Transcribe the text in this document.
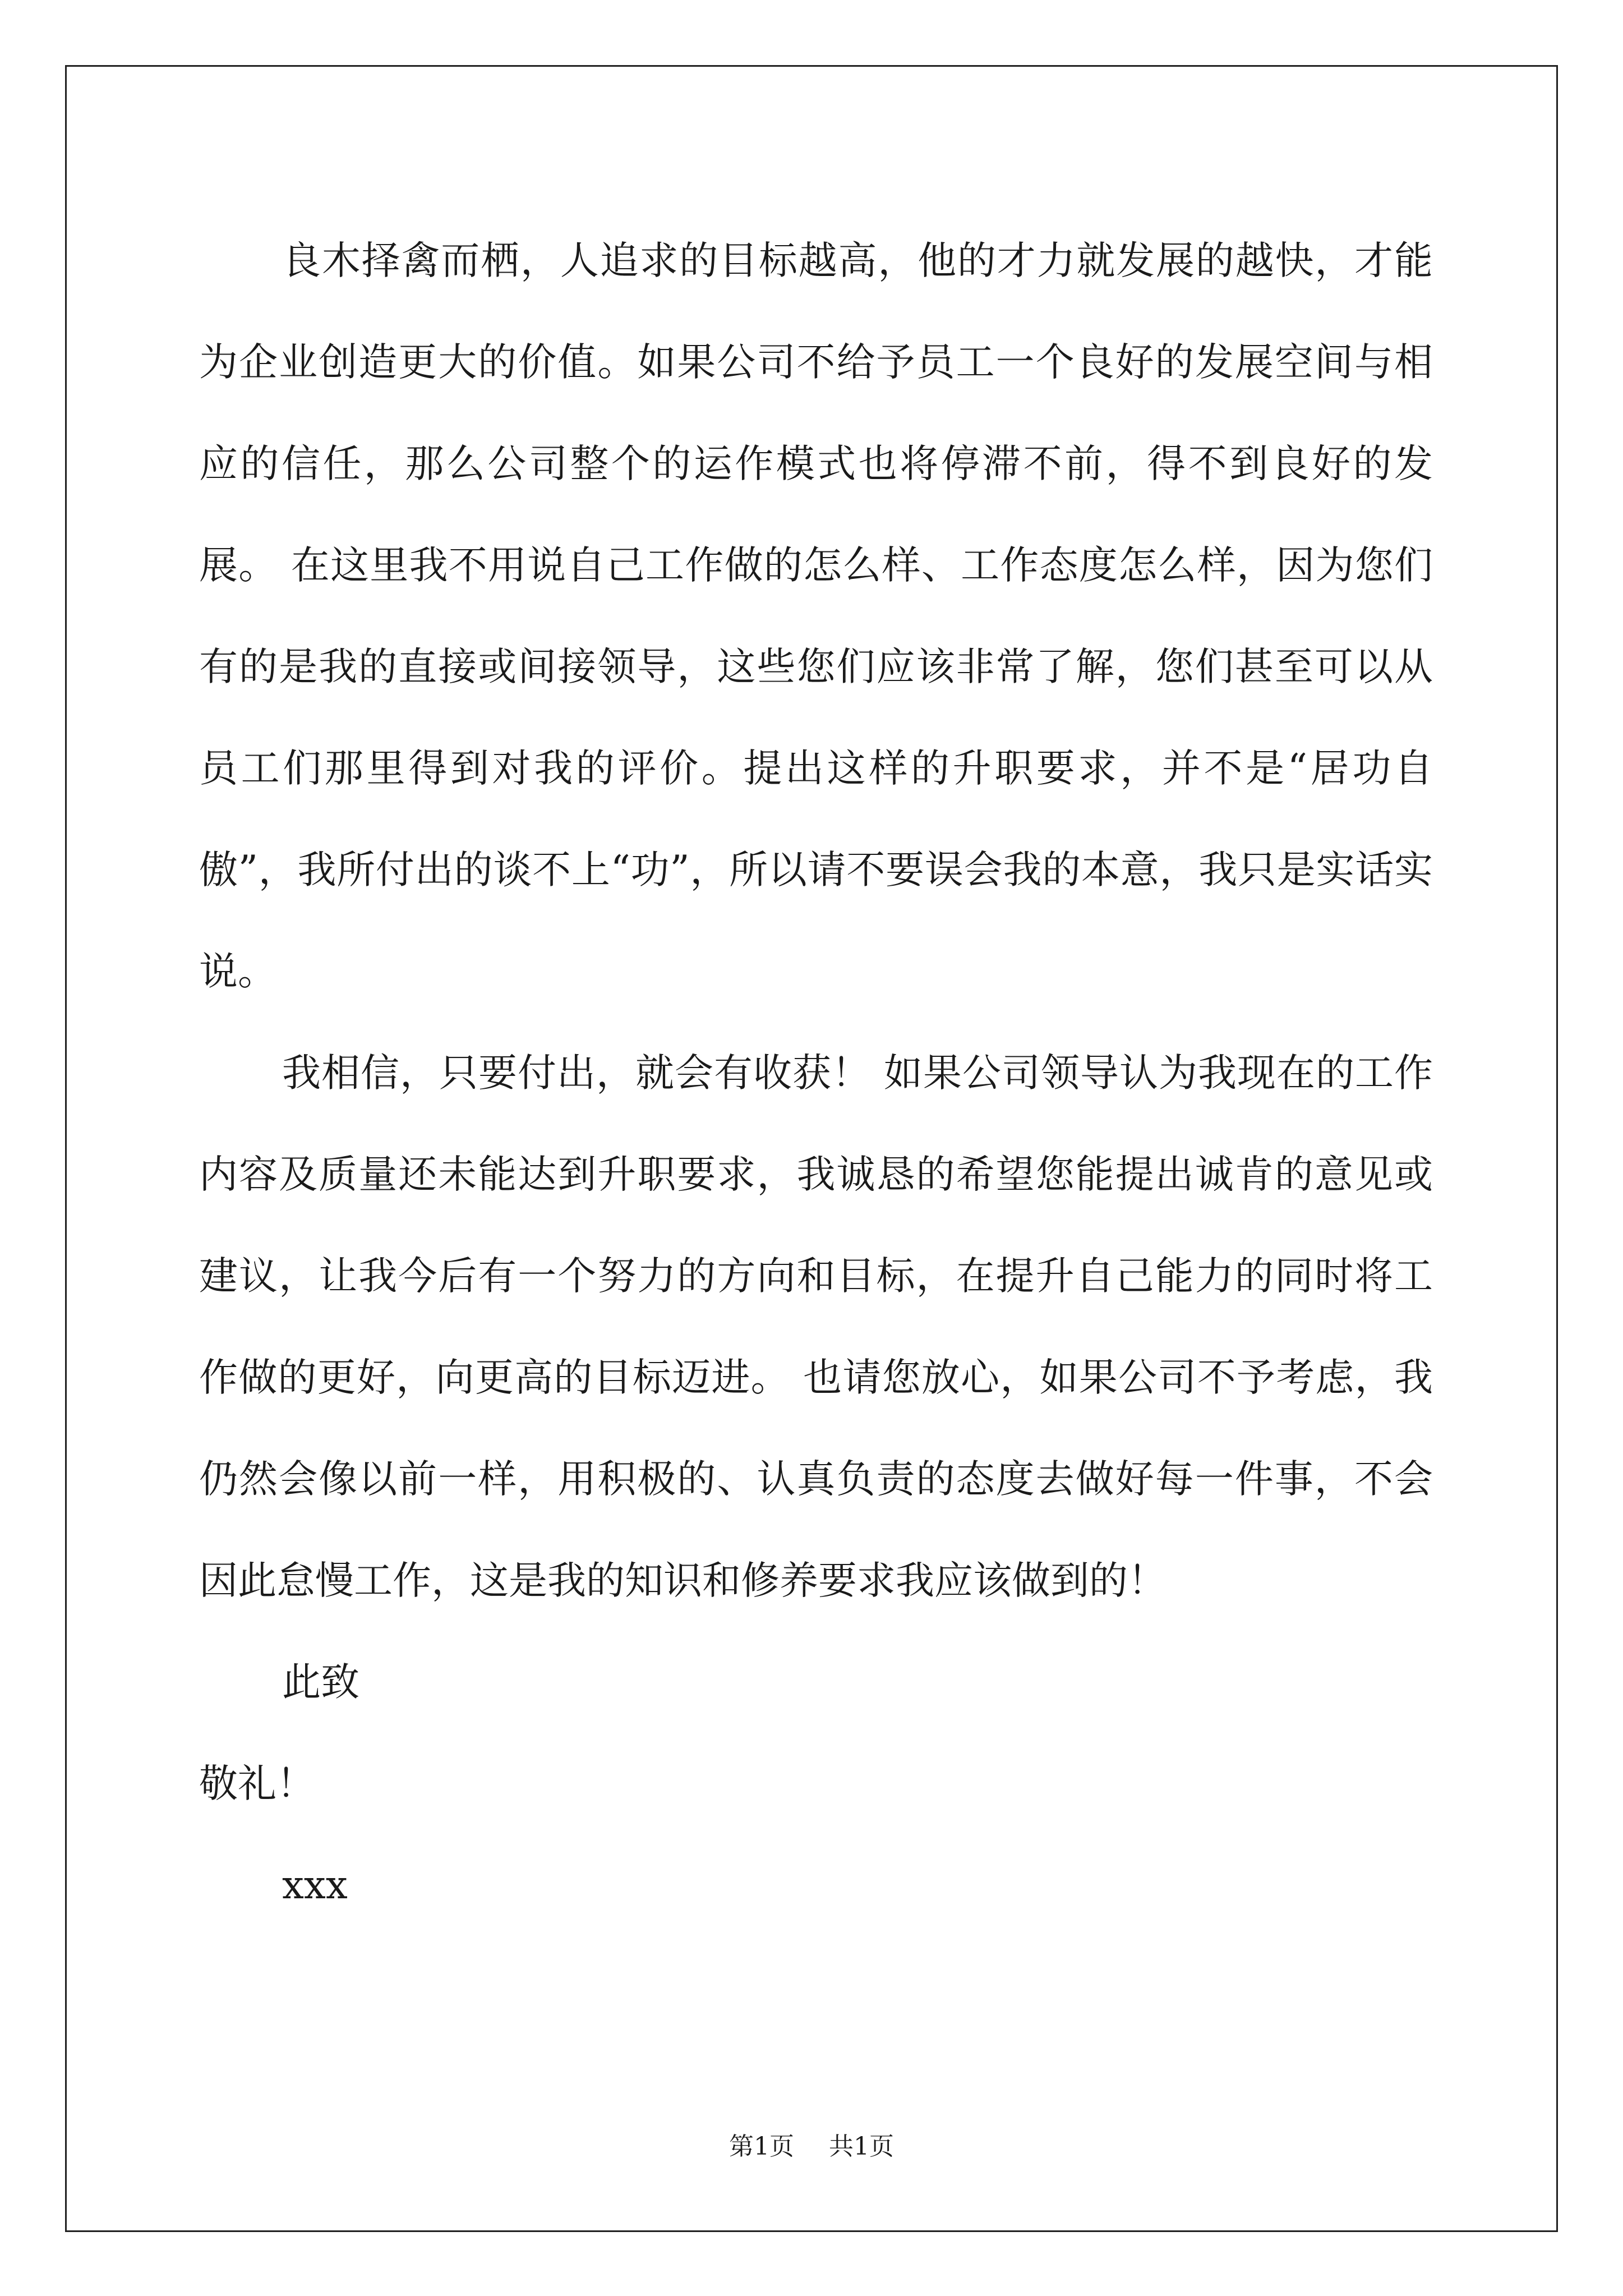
良木择禽而栖，人追求的目标越高，他的才力就发展的越快，才能为企业创造更大的价值。如果公司不给予员工一个良好的发展空间与相应的信任，那么公司整个的运作模式也将停滞不前，得不到良好的发展。 在这里我不用说自己工作做的怎么样、工作态度怎么样，因为您们有的是我的直接或间接领导，这些您们应该非常了解，您们甚至可以从员工们那里得到对我的评价。提出这样的升职要求，并不是“居功自傲”，我所付出的谈不上“功”，所以请不要误会我的本意，我只是实话实说。

我相信，只要付出，就会有收获！ 如果公司领导认为我现在的工作内容及质量还未能达到升职要求，我诚恳的希望您能提出诚肯的意见或建议，让我今后有一个努力的方向和目标，在提升自己能力的同时将工作做的更好，向更高的目标迈进。 也请您放心，如果公司不予考虑，我仍然会像以前一样，用积极的、认真负责的态度去做好每一件事，不会因此怠慢工作，这是我的知识和修养要求我应该做到的！

此致

敬礼！

xxx

第1页 共1页
